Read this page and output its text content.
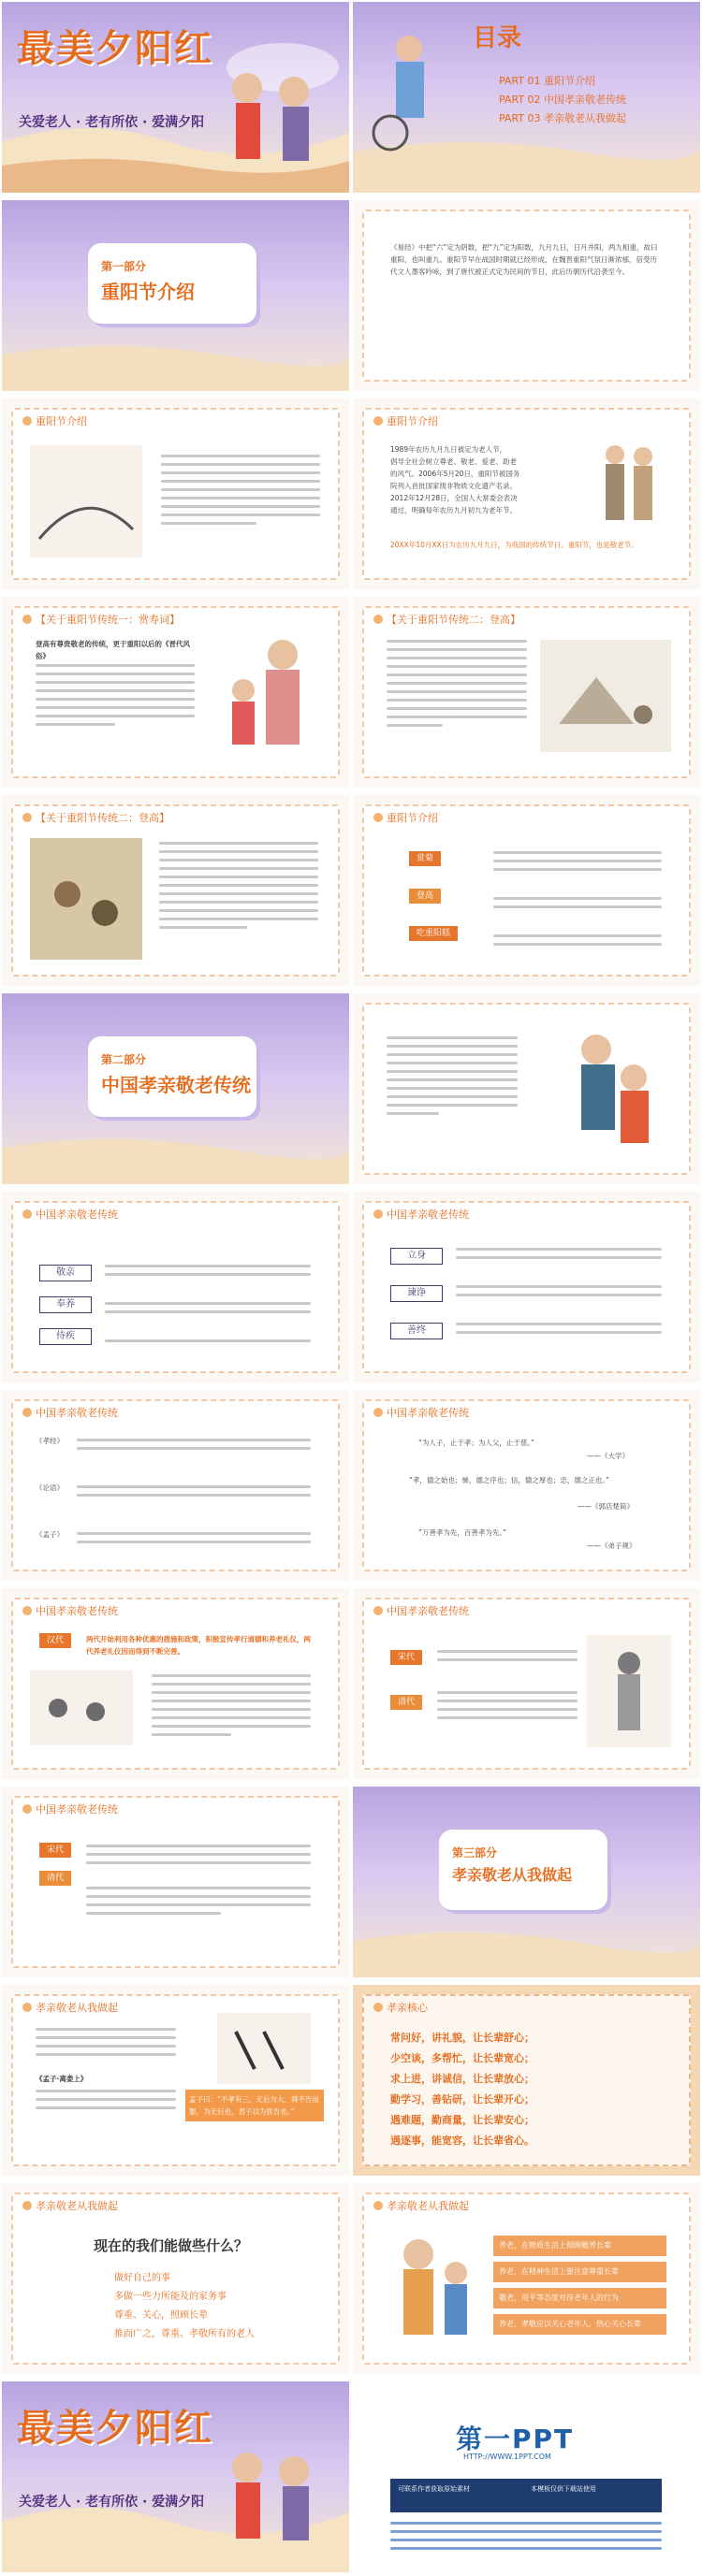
最美夕阳红
关爱老人 · 老有所依 · 爱满夕阳
目录
PART 01 重阳节介绍
PART 02 中国孝亲敬老传统
PART 03 孝亲敬老从我做起
第一部分
重阳节介绍
《易经》中把“六”定为阴数，把“九”定为阳数，九月九日，日月并阳，两九相重，故曰重阳，也叫重九。重阳节早在战国时期就已经形成，在魏晋重阳气氛日渐浓郁，倍受历代文人墨客吟咏，到了唐代被正式定为民间的节日，此后历朝历代沿袭至今。
重阳节介绍	重阳节介绍
1989年农历九月九日被定为老人节，
倡导全社会树立尊老、敬老、爱老、助老
的风气。2006年5月20日，重阳节被国务
院列入首批国家级非物质文化遗产名录。
2012年12月28日，全国人大常委会表决
通过，明确每年农历九月初九为老年节。
20XX年10月XX日为农历九月九日，为我国的传统节日。重阳节，也是敬老节。
【关于重阳节传统一：赏寿词】
登高有尊贵敬老的传统，更于重阳以后的《晋代风俗》
【关于重阳节传统二：登高】
【关于重阳节传统二：登高】	重阳节介绍
赏菊
登高
吃重阳糕
第二部分
中国孝亲敬老传统
中国孝亲敬老传统
敬亲
奉养
侍疾
中国孝亲敬老传统
立身
谏诤
善终
中国孝亲敬老传统
《孝经》
《论语》
《孟子》
中国孝亲敬老传统
“为人子，止于孝；为人父，止于慈。”
——《大学》
“孝，德之始也；悌，德之序也；信，德之厚也；忠，德之正也。”
——《郭店楚简》
“万善孝为先，百善孝为先。”
——《弟子规》
中国孝亲敬老传统
汉代	两代开始利用各种优惠的措施和政策，积极宣传孝行道德和养老礼仪，两代养老礼仪因而得到不断完善。
中国孝亲敬老传统
宋代
清代
中国孝亲敬老传统
宋代
清代
第三部分
孝亲敬老从我做起
孝亲敬老从我做起
《孟子·离娄上》
孟子曰：“不孝有三，无后为大。舜不告而娶，为无后也，君子以为犹告也。”
孝亲核心
常问好，讲礼貌，让长辈舒心；
少空谈，多帮忙，让长辈宽心；
求上进，讲诚信，让长辈放心；
勤学习，善钻研，让长辈开心；
遇难题，勤商量，让长辈安心；
遇逐事，能宽容，让长辈省心。
孝亲敬老从我做起
现在的我们能做些什么？
做好自己的事
多做一些力所能及的家务事
尊重、关心，照顾长辈
推而广之，尊重、孝敬所有的老人
孝亲敬老从我做起
养老，在物质生活上照顾赡养长辈
养老，在精神生活上要注意尊重长辈
敬老，用平等态度对待老年人的行为
养老，孝敬应以关心老年人，热心关心长辈
最美夕阳红
关爱老人 · 老有所依 · 爱满夕阳
第一PPT
HTTP://WWW.1PPT.COM
可联系作者获取原始素材	本模板仅供下载站使用
